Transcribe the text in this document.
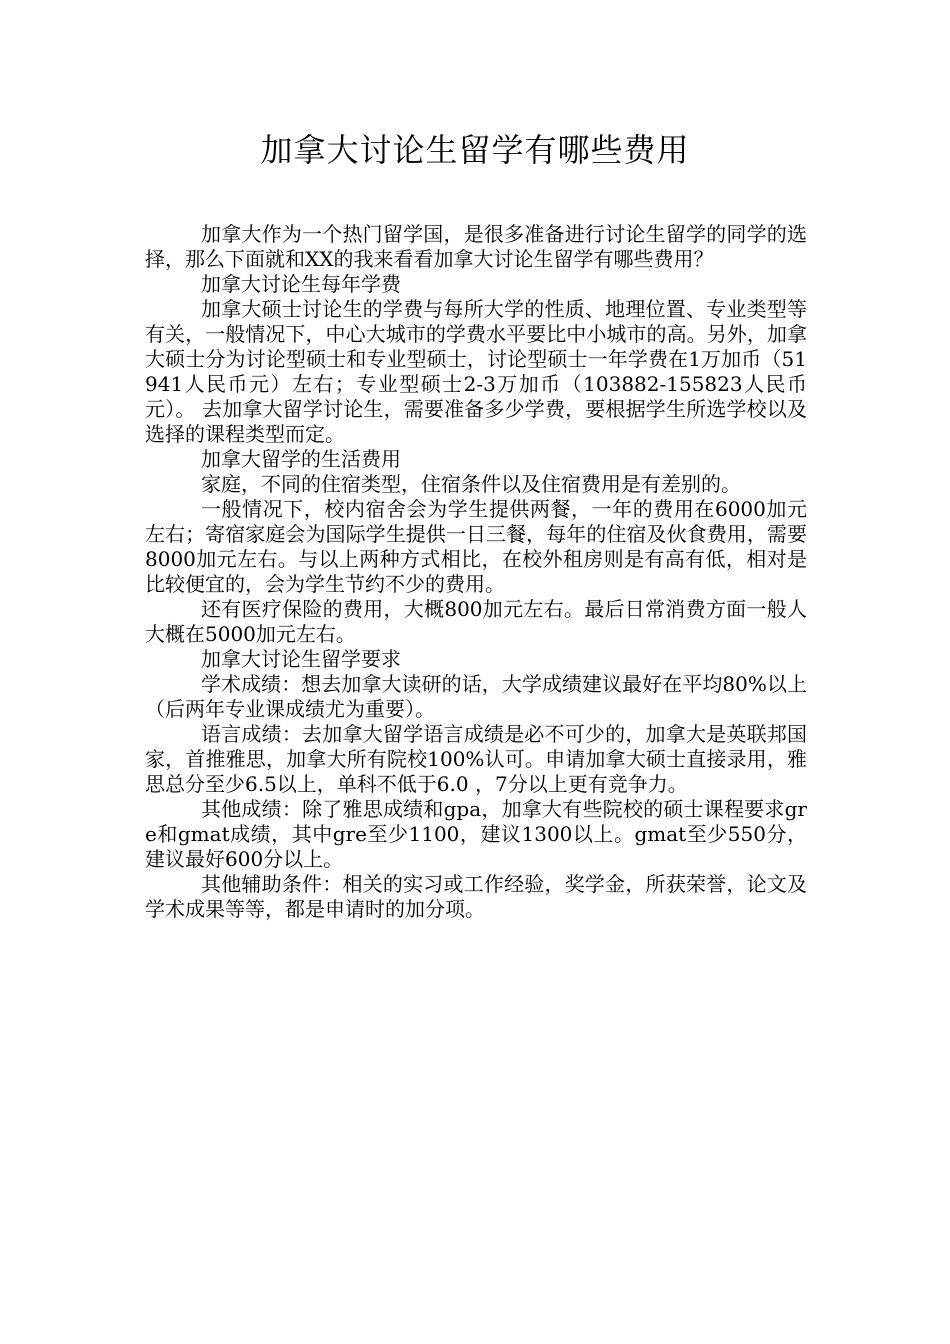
加拿大讨论生留学有哪些费用

加拿大作为一个热门留学国，是很多准备进行讨论生留学的同学的选择，那么下面就和XX的我来看看加拿大讨论生留学有哪些费用？

加拿大讨论生每年学费

加拿大硕士讨论生的学费与每所大学的性质、地理位置、专业类型等有关，一般情况下，中心大城市的学费水平要比中小城市的高。另外，加拿大硕士分为讨论型硕士和专业型硕士，讨论型硕士一年学费在1万加币（51941人民币元）左右；专业型硕士2-3万加币（103882-155823人民币元）。 去加拿大留学讨论生，需要准备多少学费，要根据学生所选学校以及选择的课程类型而定。

加拿大留学的生活费用

家庭，不同的住宿类型，住宿条件以及住宿费用是有差别的。

一般情况下，校内宿舍会为学生提供两餐，一年的费用在6000加元左右；寄宿家庭会为国际学生提供一日三餐，每年的住宿及伙食费用，需要8000加元左右。与以上两种方式相比，在校外租房则是有高有低，相对是比较便宜的，会为学生节约不少的费用。

还有医疗保险的费用，大概800加元左右。最后日常消费方面一般人大概在5000加元左右。

加拿大讨论生留学要求

学术成绩：想去加拿大读研的话，大学成绩建议最好在平均80%以上（后两年专业课成绩尤为重要）。

语言成绩：去加拿大留学语言成绩是必不可少的，加拿大是英联邦国家，首推雅思，加拿大所有院校100%认可。申请加拿大硕士直接录用，雅思总分至少6.5以上，单科不低于6.0 ，7分以上更有竞争力。

其他成绩：除了雅思成绩和gpa，加拿大有些院校的硕士课程要求gre和gmat成绩，其中gre至少1100，建议1300以上。gmat至少550分，建议最好600分以上。

其他辅助条件：相关的实习或工作经验，奖学金，所获荣誉，论文及学术成果等等，都是申请时的加分项。
